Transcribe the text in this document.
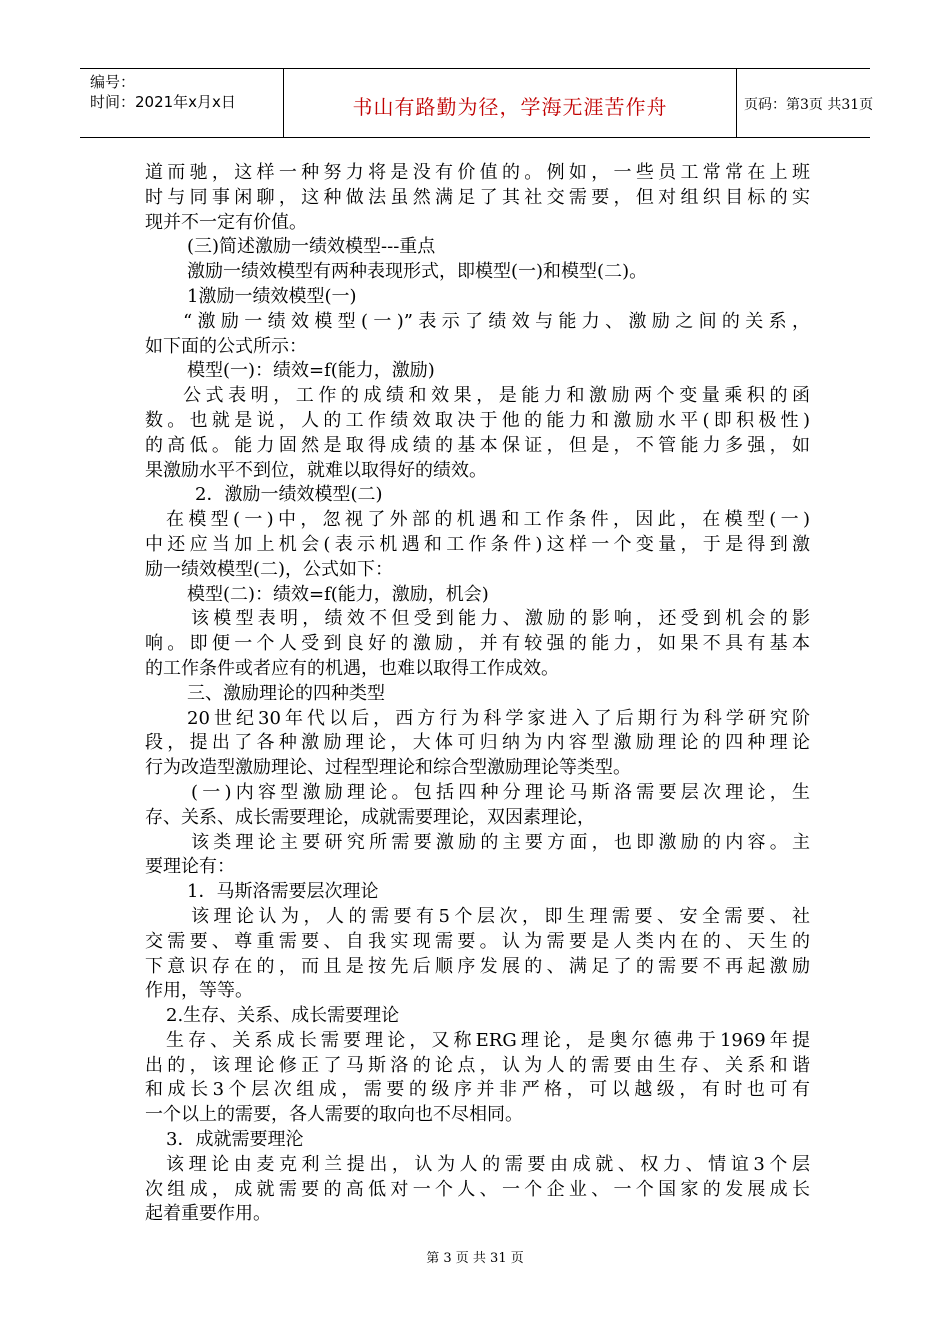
编号：
时间：2021年x月x日	书山有路勤为径，学海无涯苦作舟	页码：第3页 共31页
道而驰，这样一种努力将是没有价值的。例如，一些员工常常在上班
时与同事闲聊，这种做法虽然满足了其社交需要，但对组织目标的实
现并不一定有价值。
(三)简述激励一绩效模型---重点
激励一绩效模型有两种表现形式，即模型(一)和模型(二)。
1激励一绩效模型(一)
“激励一绩效模型(一)”表示了绩效与能力、激励之间的关系，
如下面的公式所示：
模型(一)：绩效=f(能力，激励)
公式表明，工作的成绩和效果，是能力和激励两个变量乘积的函
数。也就是说，人的工作绩效取决于他的能力和激励水平(即积极性)
的高低。能力固然是取得成绩的基本保证，但是，不管能力多强，如
果激励水平不到位，就难以取得好的绩效。
2．激励一绩效模型(二)
在模型(一)中，忽视了外部的机遇和工作条件，因此，在模型(一)
中还应当加上机会(表示机遇和工作条件)这样一个变量，于是得到激
励一绩效模型(二)，公式如下：
模型(二)：绩效=f(能力，激励，机会)
该模型表明，绩效不但受到能力、激励的影响，还受到机会的影
响。即便一个人受到良好的激励，并有较强的能力，如果不具有基本
的工作条件或者应有的机遇，也难以取得工作成效。
三、激励理论的四种类型
20世纪30年代以后，西方行为科学家进入了后期行为科学研究阶
段，提出了各种激励理论，大体可归纳为内容型激励理论的四种理论
行为改造型激励理论、过程型理论和综合型激励理论等类型。
(一)内容型激励理论。包括四种分理论马斯洛需要层次理论，生
存、关系、成长需要理论，成就需要理论，双因素理论，
该类理论主要研究所需要激励的主要方面，也即激励的内容。主
要理论有：
1．马斯洛需要层次理论
该理论认为，人的需要有5个层次，即生理需要、安全需要、社
交需要、尊重需要、自我实现需要。认为需要是人类内在的、天生的
下意识存在的，而且是按先后顺序发展的、满足了的需要不再起激励
作用，等等。
2.生存、关系、成长需要理论
生存、关系成长需要理论，又称ERG理论，是奥尔德弗于1969年提
出的，该理论修正了马斯洛的论点，认为人的需要由生存、关系和谐
和成长3个层次组成，需要的级序并非严格，可以越级，有时也可有
一个以上的需要，各人需要的取向也不尽相同。
3．成就需要理沦
该理论由麦克利兰提出，认为人的需要由成就、权力、情谊3个层
次组成，成就需要的高低对一个人、一个企业、一个国家的发展成长
起着重要作用。
第 3 页 共 31 页
